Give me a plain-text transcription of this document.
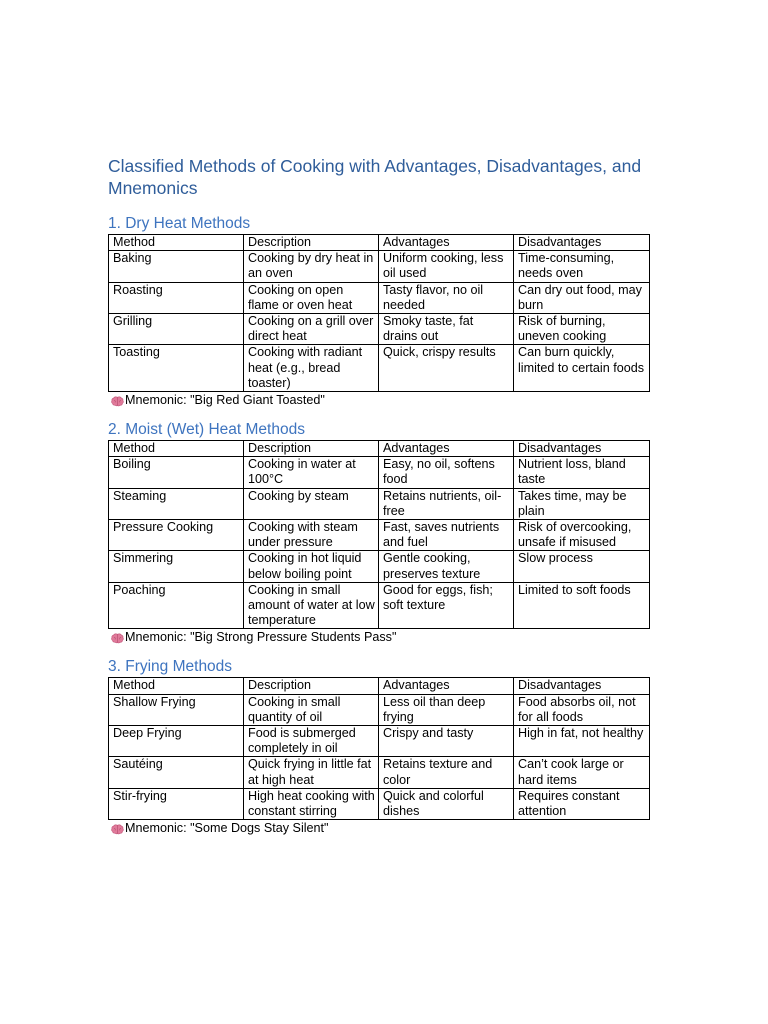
Classified Methods of Cooking with Advantages, Disadvantages, and Mnemonics
1. Dry Heat Methods
Method	Description	Advantages	Disadvantages
Baking	Cooking by dry heat in an oven	Uniform cooking, less oil used	Time-consuming, needs oven
Roasting	Cooking on open flame or oven heat	Tasty flavor, no oil needed	Can dry out food, may burn
Grilling	Cooking on a grill over direct heat	Smoky taste, fat drains out	Risk of burning, uneven cooking
Toasting	Cooking with radiant heat (e.g., bread toaster)	Quick, crispy results	Can burn quickly, limited to certain foods

Mnemonic: "Big Red Giant Toasted"

2. Moist (Wet) Heat Methods
Method	Description	Advantages	Disadvantages
Boiling	Cooking in water at 100°C	Easy, no oil, softens food	Nutrient loss, bland taste
Steaming	Cooking by steam	Retains nutrients, oil-free	Takes time, may be plain
Pressure Cooking	Cooking with steam under pressure	Fast, saves nutrients and fuel	Risk of overcooking, unsafe if misused
Simmering	Cooking in hot liquid below boiling point	Gentle cooking, preserves texture	Slow process
Poaching	Cooking in small amount of water at low temperature	Good for eggs, fish; soft texture	Limited to soft foods

Mnemonic: "Big Strong Pressure Students Pass"

3. Frying Methods
Method	Description	Advantages	Disadvantages
Shallow Frying	Cooking in small quantity of oil	Less oil than deep frying	Food absorbs oil, not for all foods
Deep Frying	Food is submerged completely in oil	Crispy and tasty	High in fat, not healthy
Sautéing	Quick frying in little fat at high heat	Retains texture and color	Can’t cook large or hard items
Stir-frying	High heat cooking with constant stirring	Quick and colorful dishes	Requires constant attention

Mnemonic: "Some Dogs Stay Silent"
